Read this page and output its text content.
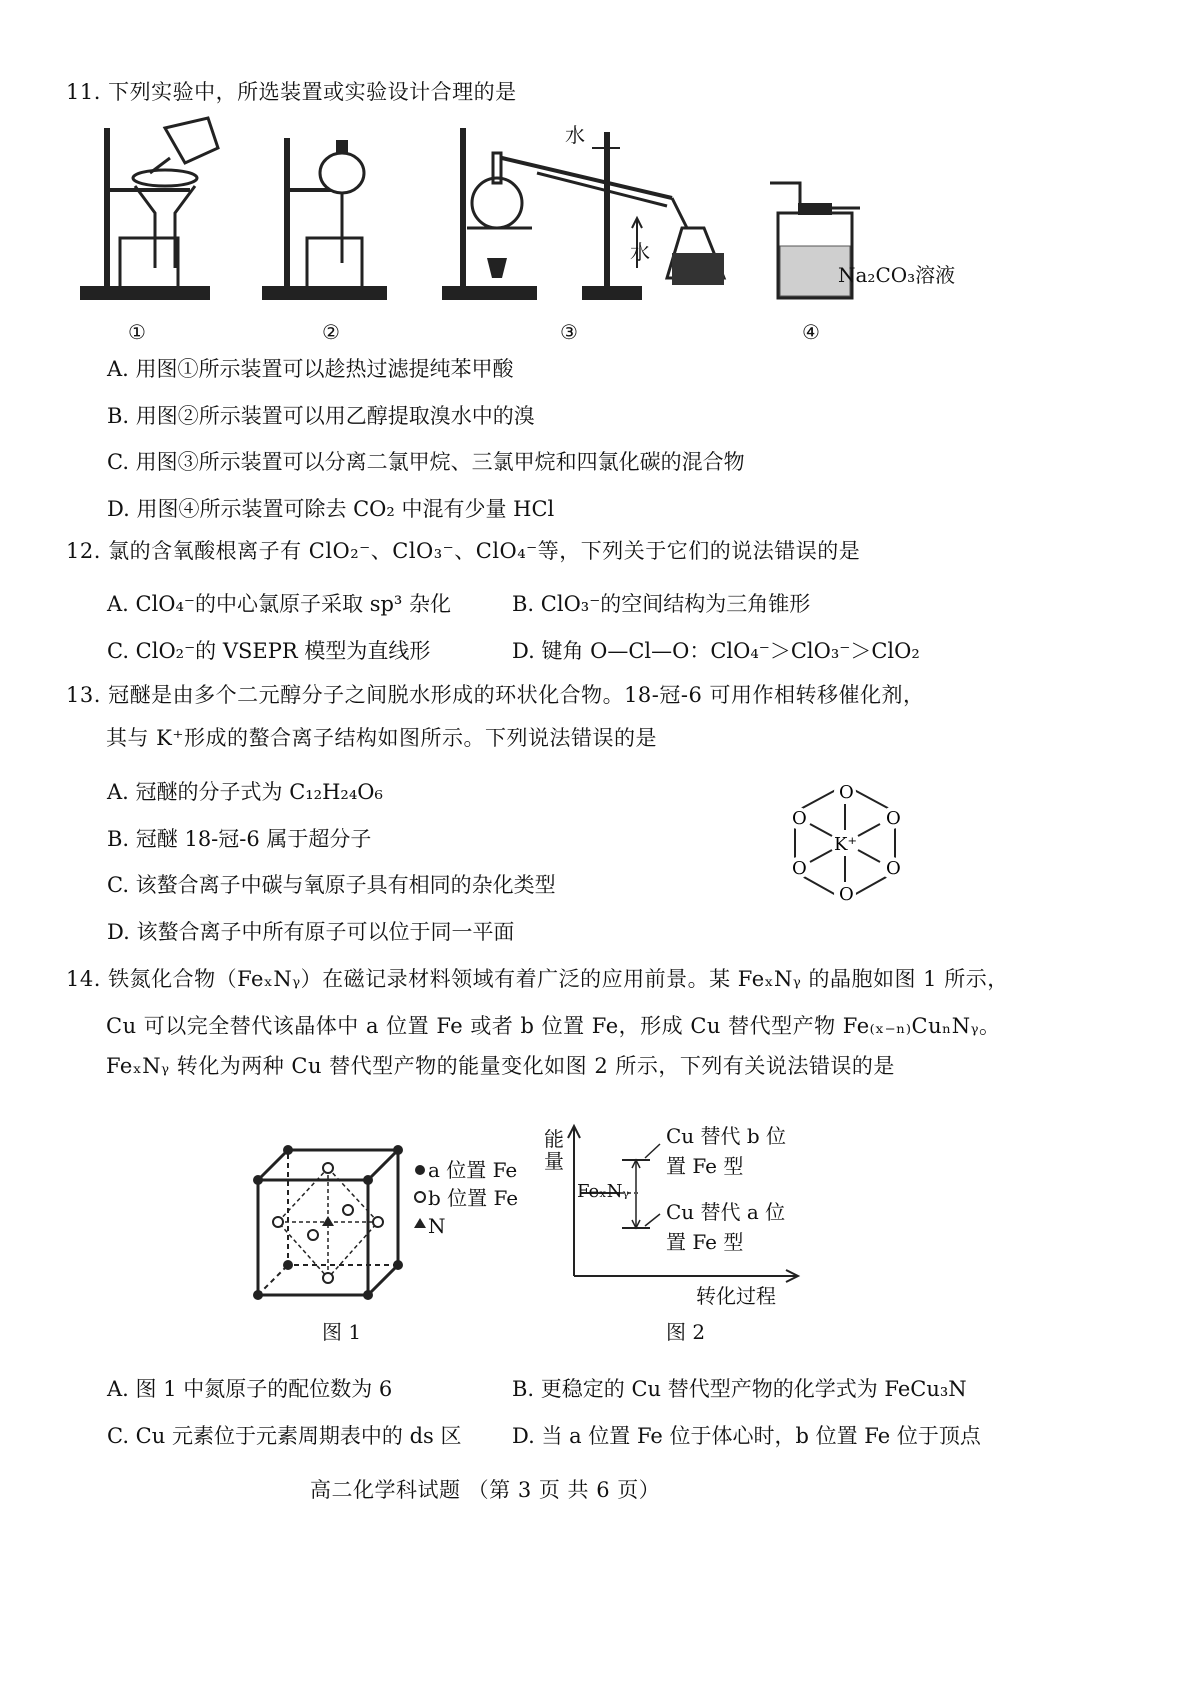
11. 下列实验中，所选装置或实验设计合理的是
①	②
水
水
③
Na₂CO₃溶液
④
A. 用图①所示装置可以趁热过滤提纯苯甲酸
B. 用图②所示装置可以用乙醇提取溴水中的溴
C. 用图③所示装置可以分离二氯甲烷、三氯甲烷和四氯化碳的混合物
D. 用图④所示装置可除去 CO₂ 中混有少量 HCl
12. 氯的含氧酸根离子有 ClO₂⁻、ClO₃⁻、ClO₄⁻等，下列关于它们的说法错误的是
A. ClO₄⁻的中心氯原子采取 sp³ 杂化	B. ClO₃⁻的空间结构为三角锥形
C. ClO₂⁻的 VSEPR 模型为直线形	D. 键角 O—Cl—O：ClO₄⁻＞ClO₃⁻＞ClO₂
13. 冠醚是由多个二元醇分子之间脱水形成的环状化合物。18-冠-6 可用作相转移催化剂，
其与 K⁺形成的螯合离子结构如图所示。下列说法错误的是
A. 冠醚的分子式为 C₁₂H₂₄O₆
B. 冠醚 18-冠-6 属于超分子
C. 该螯合离子中碳与氧原子具有相同的杂化类型
D. 该螯合离子中所有原子可以位于同一平面
O
O
O
O
O
O
K⁺
14. 铁氮化合物（FeₓNᵧ）在磁记录材料领域有着广泛的应用前景。某 FeₓNᵧ 的晶胞如图 1 所示，
Cu 可以完全替代该晶体中 a 位置 Fe 或者 b 位置 Fe，形成 Cu 替代型产物 Fe₍ₓ₋ₙ₎CuₙNᵧ。
FeₓNᵧ 转化为两种 Cu 替代型产物的能量变化如图 2 所示，下列有关说法错误的是
a 位置 Fe
b 位置 Fe
N
图 1
能量
FeₓNᵧ
Cu 替代 b 位
置 Fe 型
Cu 替代 a 位
置 Fe 型
转化过程
图 2
A. 图 1 中氮原子的配位数为 6	B. 更稳定的 Cu 替代型产物的化学式为 FeCu₃N
C. Cu 元素位于元素周期表中的 ds 区 D. 当 a 位置 Fe 位于体心时，b 位置 Fe 位于顶点
高二化学科试题 （第 3 页 共 6 页）
